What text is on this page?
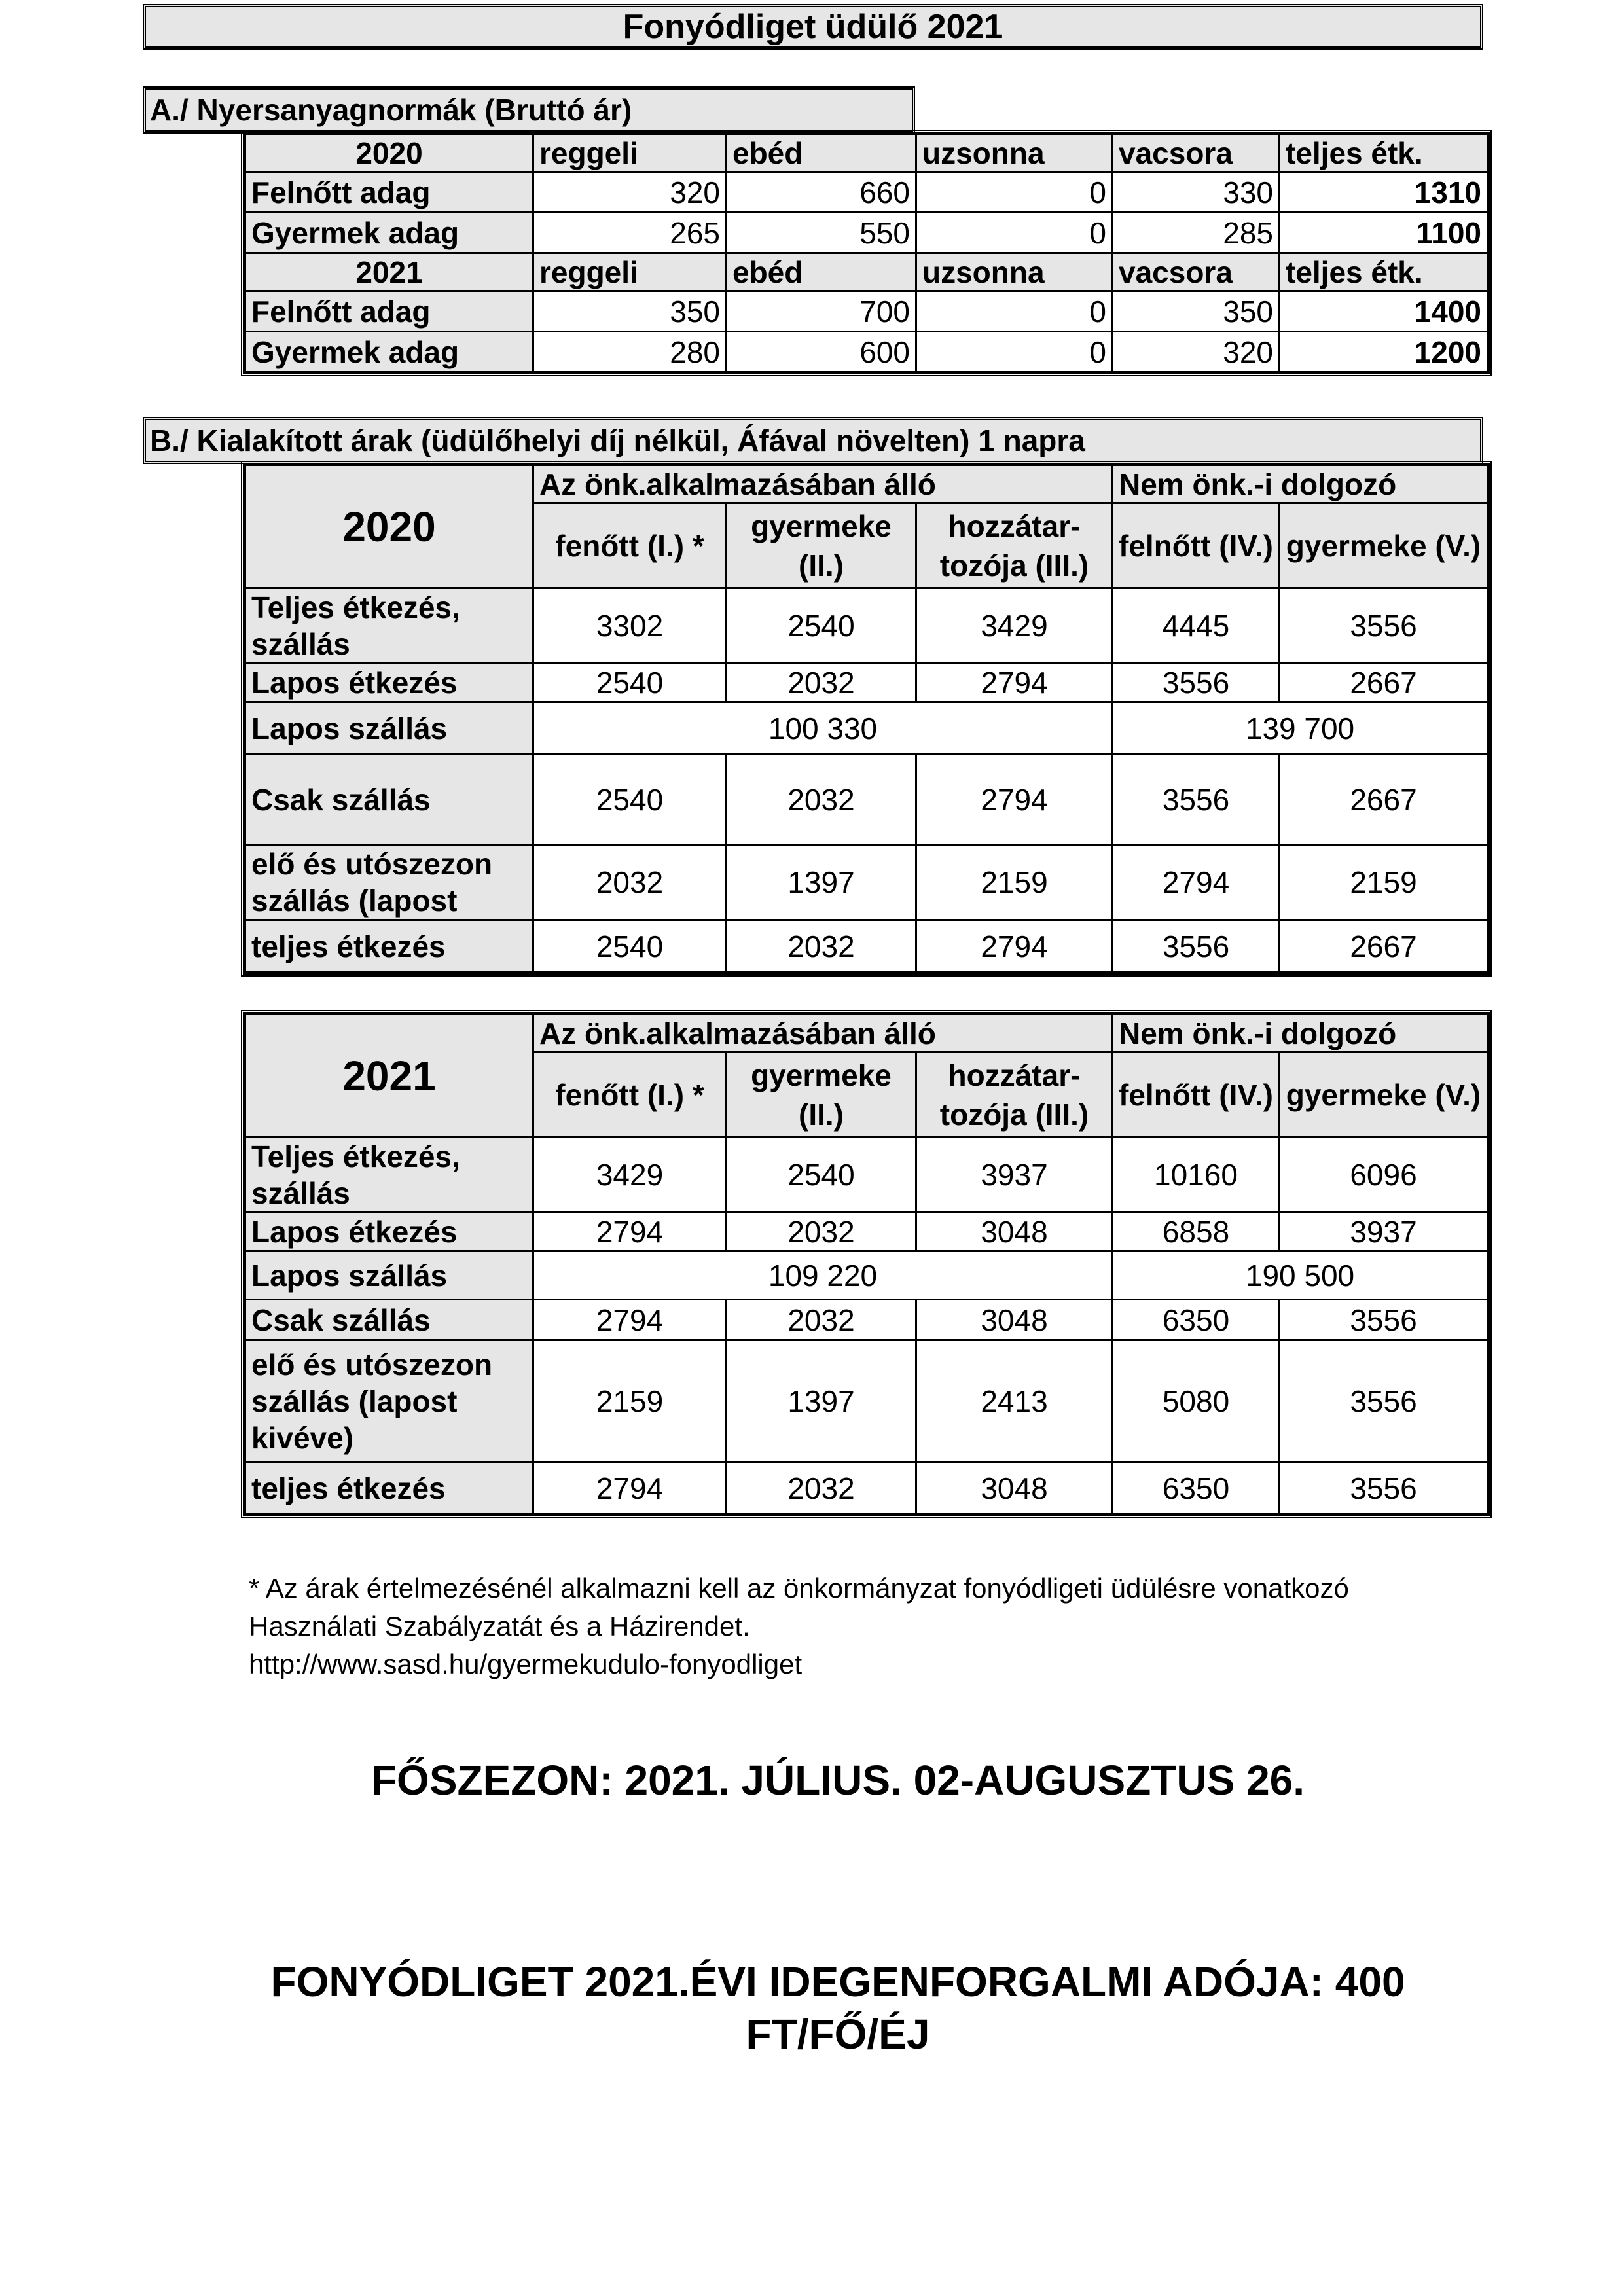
Fonyódliget üdülő 2021
A./ Nyersanyagnormák (Bruttó ár)
2020	reggeli	ebéd	uzsonna	vacsora	teljes étk.
Felnőtt adag	320	660	0	330	1310
Gyermek adag	265	550	0	285	1100
2021	reggeli	ebéd	uzsonna	vacsora	teljes étk.
Felnőtt adag	350	700	0	350	1400
Gyermek adag	280	600	0	320	1200
B./ Kialakított árak (üdülőhelyi díj nélkül, Áfával növelten) 1 napra
2020	Az önk.alkalmazásában álló			Nem önk.-i dolgozó	
	fenőtt (I.) *	gyermeke (II.)	hozzátar-tozója (III.)	felnőtt (IV.)	gyermeke (V.)
Teljes étkezés, szállás	3302	2540	3429	4445	3556
Lapos étkezés	2540	2032	2794	3556	2667
Lapos szállás	100 330			139 700	
Csak szállás	2540	2032	2794	3556	2667
elő és utószezon szállás (lapost	2032	1397	2159	2794	2159
teljes étkezés	2540	2032	2794	3556	2667
2021	Az önk.alkalmazásában álló			Nem önk.-i dolgozó	
	fenőtt (I.) *	gyermeke (II.)	hozzátar-tozója (III.)	felnőtt (IV.)	gyermeke (V.)
Teljes étkezés, szállás	3429	2540	3937	10160	6096
Lapos étkezés	2794	2032	3048	6858	3937
Lapos szállás	109 220			190 500	
Csak szállás	2794	2032	3048	6350	3556
elő és utószezon szállás (lapost kivéve)	2159	1397	2413	5080	3556
teljes étkezés	2794	2032	3048	6350	3556
* Az árak értelmezésénél alkalmazni kell az önkormányzat fonyódligeti üdülésre vonatkozó
Használati Szabályzatát és a Házirendet.
http://www.sasd.hu/gyermekudulo-fonyodliget
FŐSZEZON: 2021. JÚLIUS. 02-AUGUSZTUS 26.
FONYÓDLIGET 2021.ÉVI IDEGENFORGALMI ADÓJA: 400
FT/FŐ/ÉJ
